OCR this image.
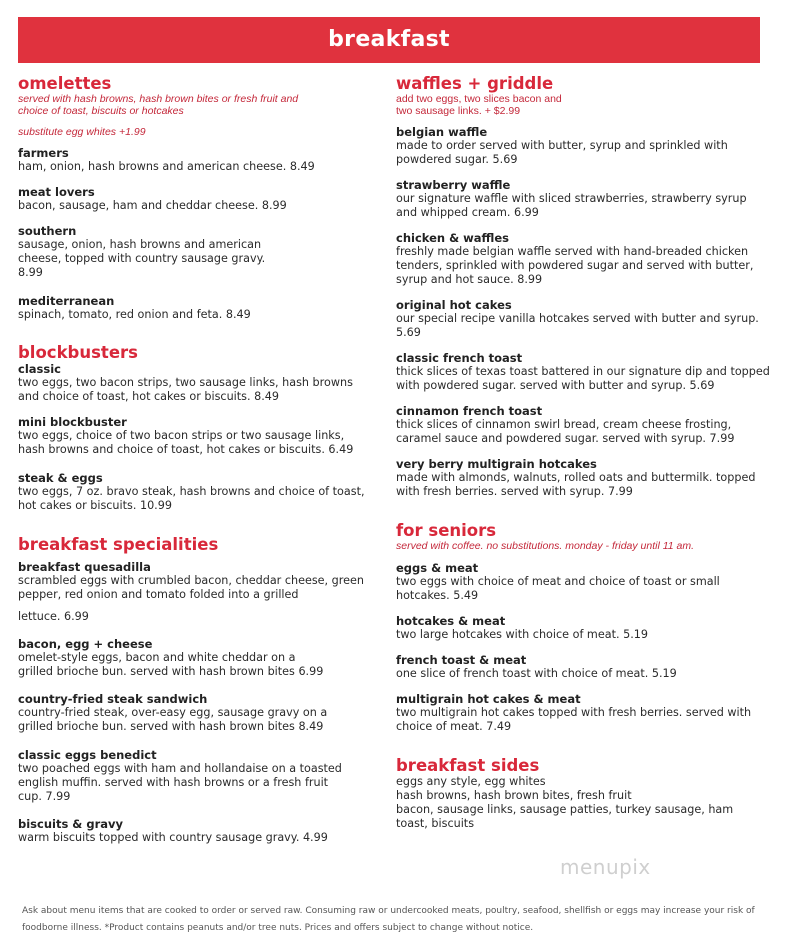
breakfast
omelettes
served with hash browns, hash brown bites or fresh fruit and choice of toast, biscuits or hotcakes
substitute egg whites +1.99
farmers
ham, onion, hash browns and american cheese. 8.49
meat lovers
bacon, sausage, ham and cheddar cheese. 8.99
southern
sausage, onion, hash browns and american cheese, topped with country sausage gravy. 8.99
mediterranean
spinach, tomato, red onion and feta. 8.49
blockbusters
classic
two eggs, two bacon strips, two sausage links, hash browns and choice of toast, hot cakes or biscuits. 8.49
mini blockbuster
two eggs, choice of two bacon strips or two sausage links, hash browns and choice of toast, hot cakes or biscuits. 6.49
steak & eggs
two eggs, 7 oz. bravo steak, hash browns and choice of toast, hot cakes or biscuits. 10.99
breakfast specialities
breakfast quesadilla
scrambled eggs with crumbled bacon, cheddar cheese, green pepper, red onion and tomato folded into a grilled
lettuce. 6.99
bacon, egg + cheese
omelet-style eggs, bacon and white cheddar on a grilled brioche bun. served with hash brown bites 6.99
country-fried steak sandwich
country-fried steak, over-easy egg, sausage gravy on a grilled brioche bun. served with hash brown bites 8.49
classic eggs benedict
two poached eggs with ham and hollandaise on a toasted english muffin. served with hash browns or a fresh fruit cup. 7.99
biscuits & gravy
warm biscuits topped with country sausage gravy. 4.99
waffles + griddle
add two eggs, two slices bacon and two sausage links. + $2.99
belgian waffle
made to order served with butter, syrup and sprinkled with powdered sugar. 5.69
strawberry waffle
our signature waffle with sliced strawberries, strawberry syrup and whipped cream. 6.99
chicken & waffles
freshly made belgian waffle served with hand-breaded chicken tenders, sprinkled with powdered sugar and served with butter, syrup and hot sauce. 8.99
original hot cakes
our special recipe vanilla hotcakes served with butter and syrup. 5.69
classic french toast
thick slices of texas toast battered in our signature dip and topped with powdered sugar. served with butter and syrup. 5.69
cinnamon french toast
thick slices of cinnamon swirl bread, cream cheese frosting, caramel sauce and powdered sugar. served with syrup. 7.99
very berry multigrain hotcakes
made with almonds, walnuts, rolled oats and buttermilk. topped with fresh berries. served with syrup. 7.99
for seniors
served with coffee. no substitutions. monday - friday until 11 am.
eggs & meat
two eggs with choice of meat and choice of toast or small hotcakes. 5.49
hotcakes & meat
two large hotcakes with choice of meat. 5.19
french toast & meat
one slice of french toast with choice of meat. 5.19
multigrain hot cakes & meat
two multigrain hot cakes topped with fresh berries. served with choice of meat. 7.49
breakfast sides
eggs any style, egg whites
hash browns, hash brown bites, fresh fruit
bacon, sausage links, sausage patties, turkey sausage, ham
toast, biscuits
menupix
Ask about menu items that are cooked to order or served raw. Consuming raw or undercooked meats, poultry, seafood, shellfish or eggs may increase your risk of foodborne illness. *Product contains peanuts and/or tree nuts. Prices and offers subject to change without notice.
